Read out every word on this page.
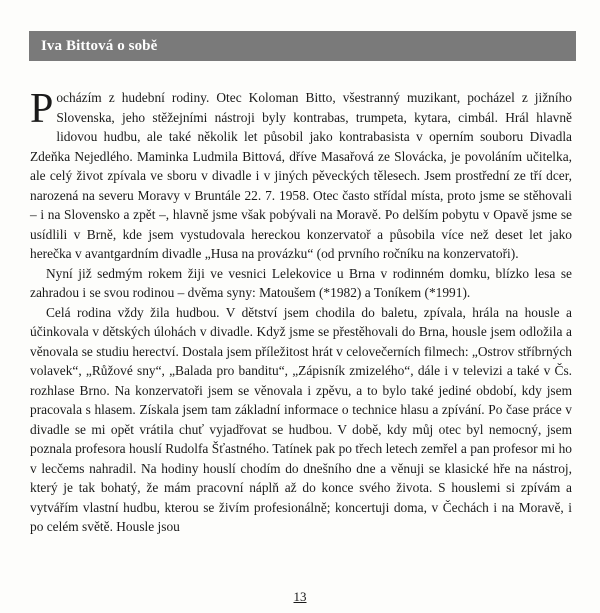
Iva Bittová o sobě

Pocházím z hudební rodiny. Otec Koloman Bitto, všestranný muzikant, pocházel z jižního Slovenska, jeho stěžejními nástroji byly kontrabas, trumpeta, kytara, cimbál. Hrál hlavně lidovou hudbu, ale také několik let působil jako kontrabasista v operním souboru Divadla Zdeňka Nejedlého. Maminka Ludmila Bittová, dříve Masařová ze Slovácka, je povoláním učitelka, ale celý život zpívala ve sboru v divadle i v jiných pěveckých tělesech. Jsem prostřední ze tří dcer, narozená na severu Moravy v Bruntále 22. 7. 1958. Otec často střídal místa, proto jsme se stěhovali – i na Slovensko a zpět –, hlavně jsme však pobývali na Moravě. Po delším pobytu v Opavě jsme se usídlili v Brně, kde jsem vystudovala hereckou konzervatoř a působila více než deset let jako herečka v avantgardním divadle „Husa na provázku“ (od prvního ročníku na konzervatoři).

Nyní již sedmým rokem žiji ve vesnici Lelekovice u Brna v rodinném domku, blízko lesa se zahradou i se svou rodinou – dvěma syny: Matoušem (*1982) a Toníkem (*1991).

Celá rodina vždy žila hudbou. V dětství jsem chodila do baletu, zpívala, hrála na housle a účinkovala v dětských úlohách v divadle. Když jsme se přestěhovali do Brna, housle jsem odložila a věnovala se studiu herectví. Dostala jsem příležitost hrát v celovečerních filmech: „Ostrov stříbrných volavek“, „Růžové sny“, „Balada pro banditu“, „Zápisník zmizelého“, dále i v televizi a také v Čs. rozhlase Brno. Na konzervatoři jsem se věnovala i zpěvu, a to bylo také jediné období, kdy jsem pracovala s hlasem. Získala jsem tam základní informace o technice hlasu a zpívání. Po čase práce v divadle se mi opět vrátila chuť vyjadřovat se hudbou. V době, kdy můj otec byl nemocný, jsem poznala profesora houslí Rudolfa Šťastného. Tatínek pak po třech letech zemřel a pan profesor mi ho v lecčems nahradil. Na hodiny houslí chodím do dnešního dne a věnuji se klasické hře na nástroj, který je tak bohatý, že mám pracovní náplň až do konce svého života. S houslemi si zpívám a vytvářím vlastní hudbu, kterou se živím profesionálně; koncertuji doma, v Čechách i na Moravě, i po celém světě. Housle jsou

13
